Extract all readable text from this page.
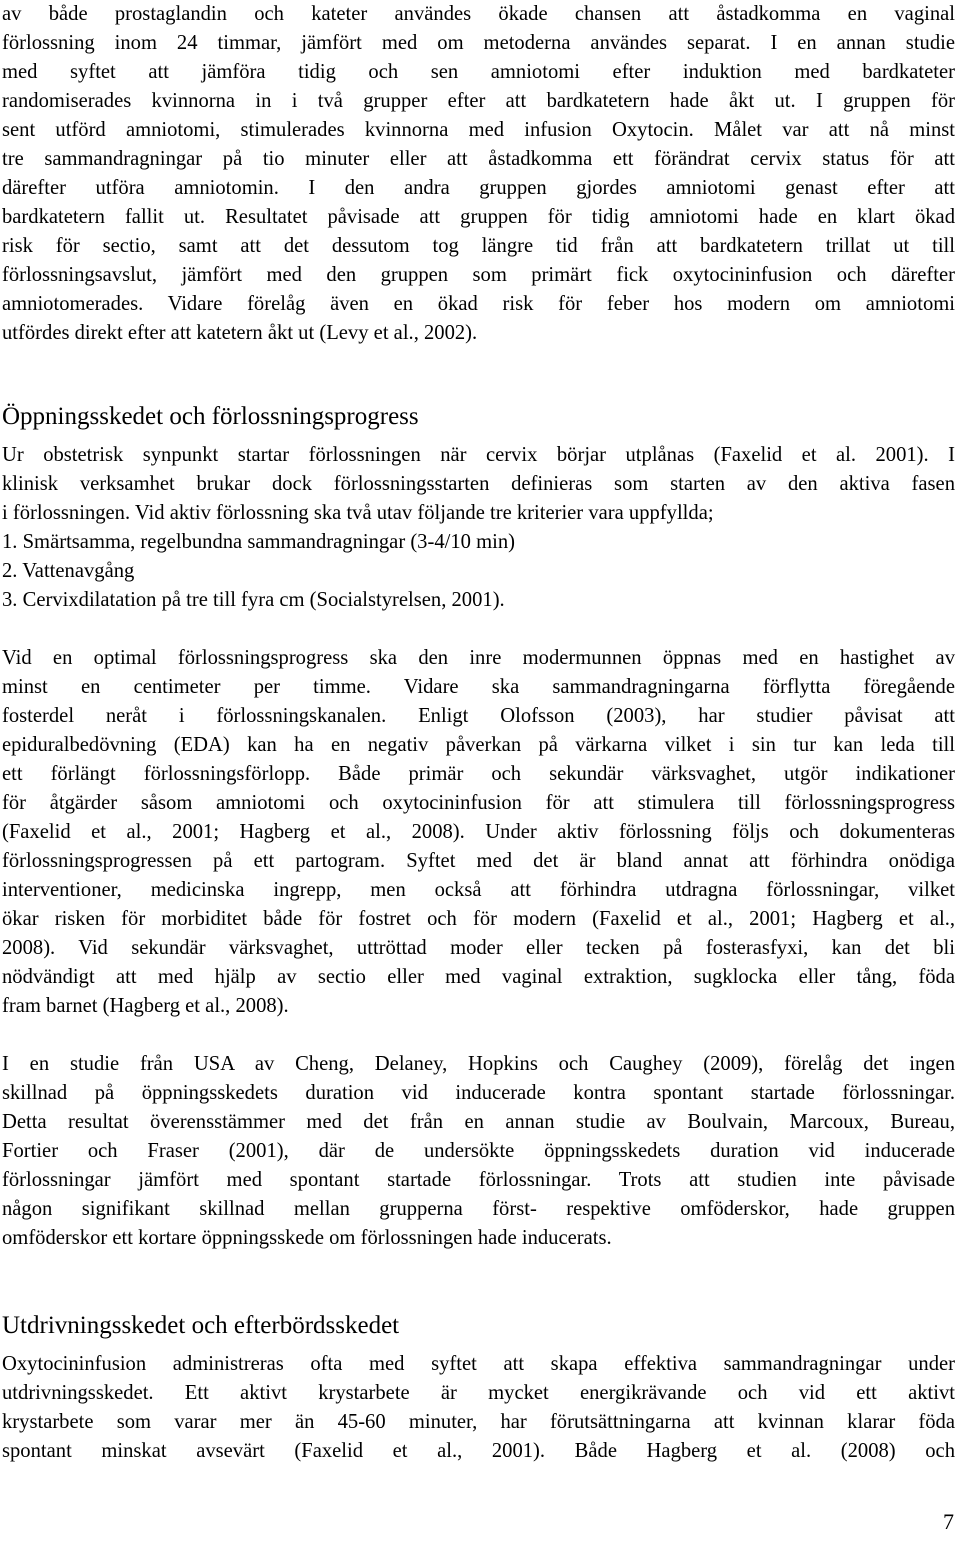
av både prostaglandin och kateter användes ökade chansen att åstadkomma en vaginal
förlossning inom 24 timmar, jämfört med om metoderna användes separat. I en annan studie
med syftet att jämföra tidig och sen amniotomi efter induktion med bardkateter
randomiserades kvinnorna in i två grupper efter att bardkatetern hade åkt ut. I gruppen för
sent utförd amniotomi, stimulerades kvinnorna med infusion Oxytocin. Målet var att nå minst
tre sammandragningar på tio minuter eller att åstadkomma ett förändrat cervix status för att
därefter utföra amniotomin. I den andra gruppen gjordes amniotomi genast efter att
bardkatetern fallit ut. Resultatet påvisade att gruppen för tidig amniotomi hade en klart ökad
risk för sectio, samt att det dessutom tog längre tid från att bardkatetern trillat ut till
förlossningsavslut, jämfört med den gruppen som primärt fick oxytocininfusion och därefter
amniotomerades. Vidare förelåg även en ökad risk för feber hos modern om amniotomi
utfördes direkt efter att katetern åkt ut (Levy et al., 2002).
Öppningsskedet och förlossningsprogress
Ur obstetrisk synpunkt startar förlossningen när cervix börjar utplånas (Faxelid et al. 2001). I
klinisk verksamhet brukar dock förlossningsstarten definieras som starten av den aktiva fasen
i förlossningen. Vid aktiv förlossning ska två utav följande tre kriterier vara uppfyllda;
1. Smärtsamma, regelbundna sammandragningar (3-4/10 min)
2. Vattenavgång
3. Cervixdilatation på tre till fyra cm (Socialstyrelsen, 2001).
Vid en optimal förlossningsprogress ska den inre modermunnen öppnas med en hastighet av
minst en centimeter per timme. Vidare ska sammandragningarna förflytta föregående
fosterdel neråt i förlossningskanalen. Enligt Olofsson (2003), har studier påvisat att
epiduralbedövning (EDA) kan ha en negativ påverkan på värkarna vilket i sin tur kan leda till
ett förlängt förlossningsförlopp. Både primär och sekundär värksvaghet, utgör indikationer
för åtgärder såsom amniotomi och oxytocininfusion för att stimulera till förlossningsprogress
(Faxelid et al., 2001; Hagberg et al., 2008). Under aktiv förlossning följs och dokumenteras
förlossningsprogressen på ett partogram. Syftet med det är bland annat att förhindra onödiga
interventioner, medicinska ingrepp, men också att förhindra utdragna förlossningar, vilket
ökar risken för morbiditet både för fostret och för modern (Faxelid et al., 2001; Hagberg et al.,
2008). Vid sekundär värksvaghet, uttröttad moder eller tecken på fosterasfyxi, kan det bli
nödvändigt att med hjälp av sectio eller med vaginal extraktion, sugklocka eller tång, föda
fram barnet (Hagberg et al., 2008).
I en studie från USA av Cheng, Delaney, Hopkins och Caughey (2009), förelåg det ingen
skillnad på öppningsskedets duration vid inducerade kontra spontant startade förlossningar.
Detta resultat överensstämmer med det från en annan studie av Boulvain, Marcoux, Bureau,
Fortier och Fraser (2001), där de undersökte öppningsskedets duration vid inducerade
förlossningar jämfört med spontant startade förlossningar. Trots att studien inte påvisade
någon signifikant skillnad mellan grupperna först- respektive omföderskor, hade gruppen
omföderskor ett kortare öppningsskede om förlossningen hade inducerats.
Utdrivningsskedet och efterbördsskedet
Oxytocininfusion administreras ofta med syftet att skapa effektiva sammandragningar under
utdrivningsskedet. Ett aktivt krystarbete är mycket energikrävande och vid ett aktivt
krystarbete som varar mer än 45-60 minuter, har förutsättningarna att kvinnan klarar föda
spontant minskat avsevärt (Faxelid et al., 2001). Både Hagberg et al. (2008) och
7
